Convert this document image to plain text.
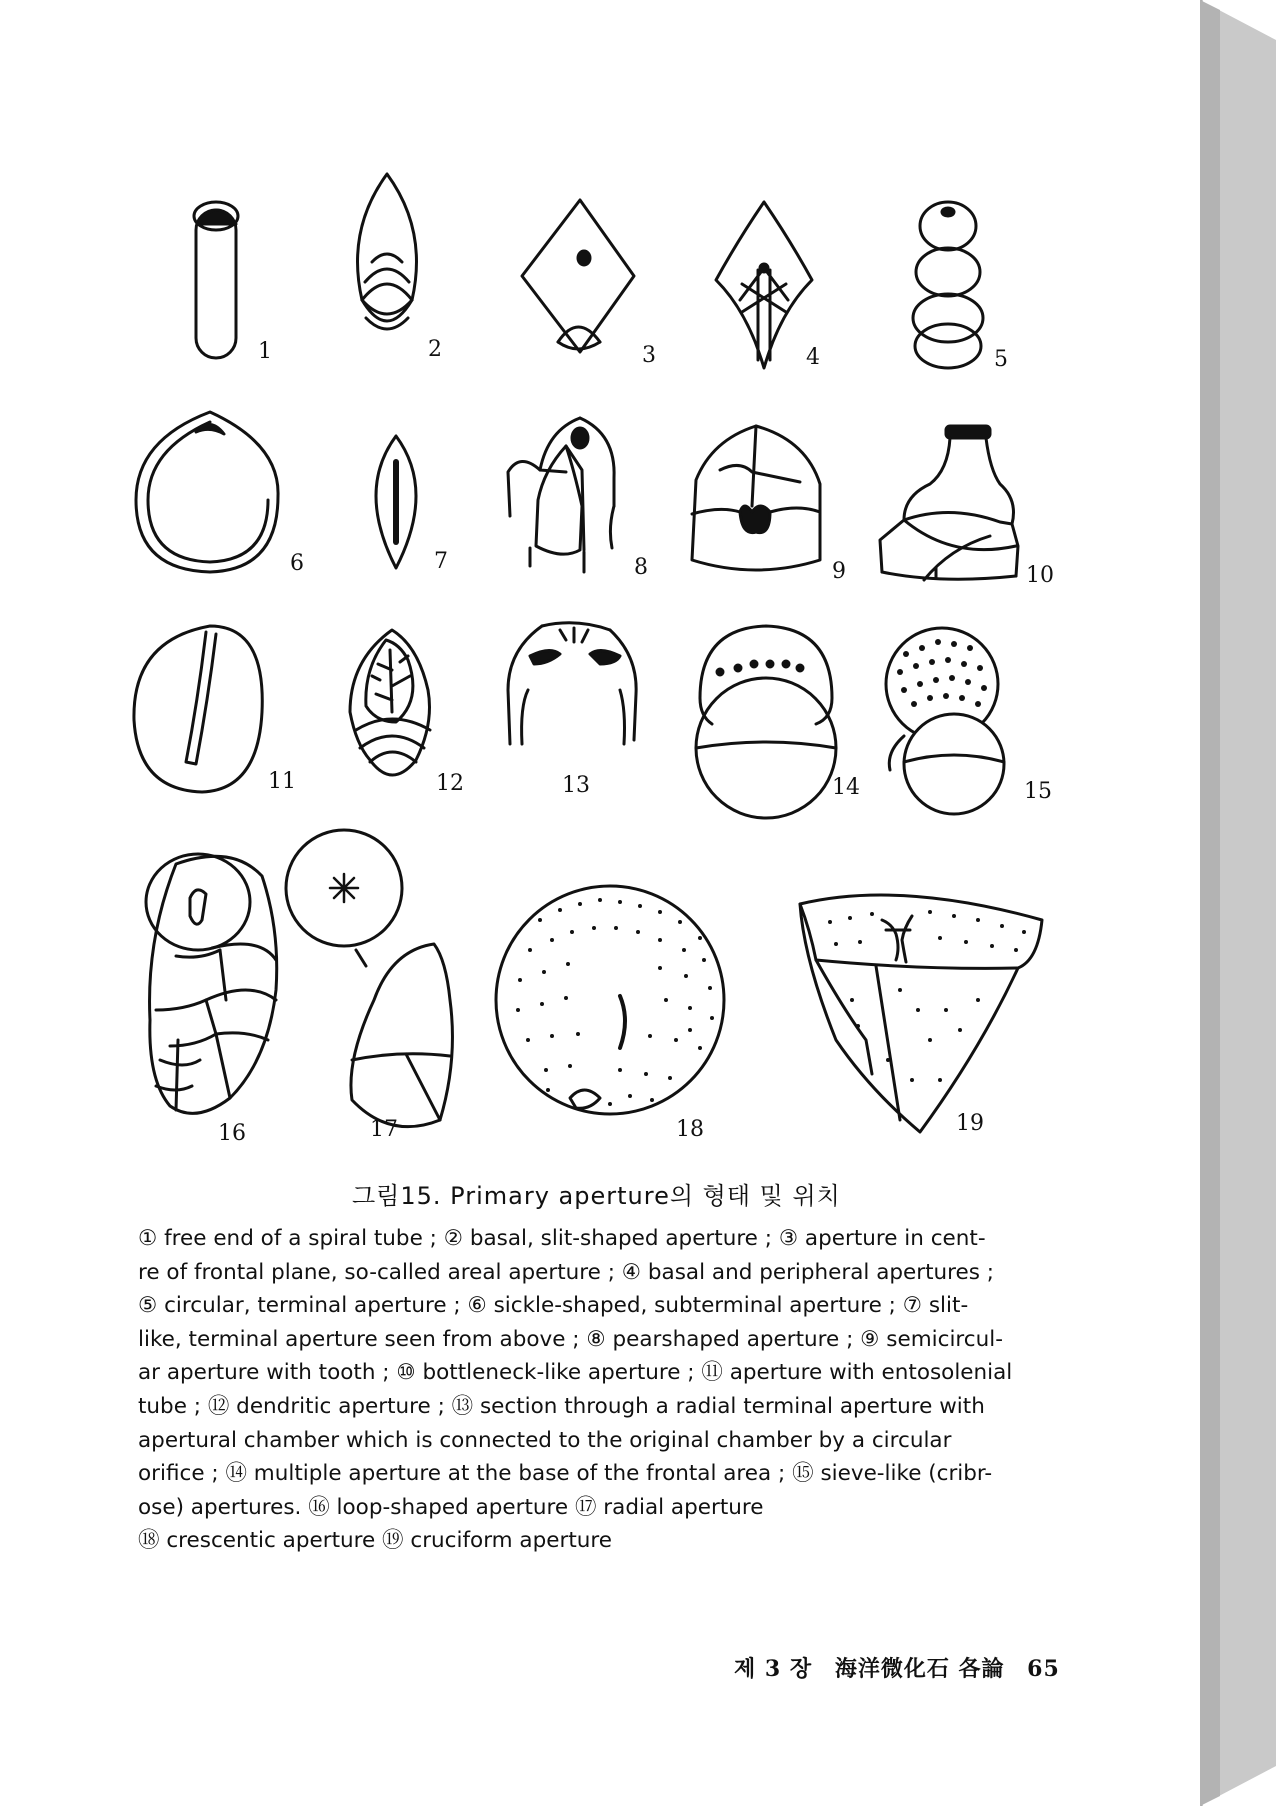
1	2	3	4	5
6	7	8	9	10
11	12	13	14	15
16	17	18	19
그림15. Primary aperture의 형태 및 위치
① free end of a spiral tube ; ② basal, slit-shaped aperture ; ③ aperture in cent-
re of frontal plane, so-called areal aperture ; ④ basal and peripheral apertures ;
⑤ circular, terminal aperture ; ⑥ sickle-shaped, subterminal aperture ; ⑦ slit-
like, terminal aperture seen from above ; ⑧ pearshaped aperture ; ⑨ semicircul-
ar aperture with tooth ; ⑩ bottleneck-like aperture ; ⑪ aperture with entosolenial
tube ; ⑫ dendritic aperture ; ⑬ section through a radial terminal aperture with
apertural chamber which is connected to the original chamber by a circular
orifice ; ⑭ multiple aperture at the base of the frontal area ; ⑮ sieve-like (cribr-
ose) apertures. ⑯ loop-shaped aperture ⑰ radial aperture
⑱ crescentic aperture ⑲ cruciform aperture
제 3 장 海洋微化石 各論 65
